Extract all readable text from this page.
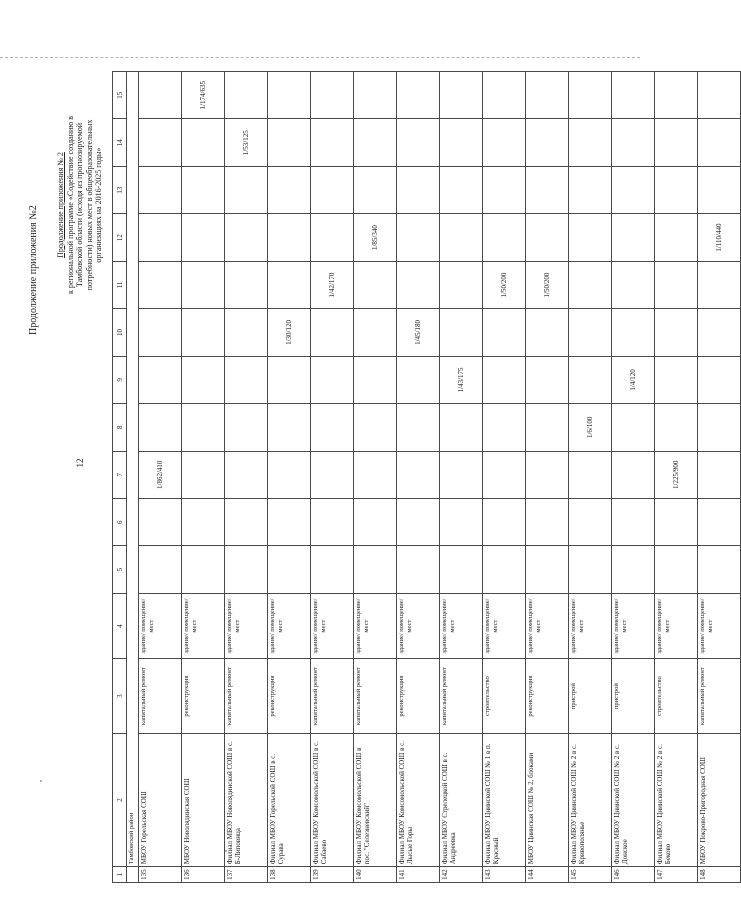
12
Продолжение приложения №2
Продолжение приложения № 2 к региональной программе «Содействие созданию в Тамбовской области (исходя из прогнозируемой потребности) новых мест в общеобразовательных организациях на 2016-2025 годы»
1	2	3	4	5	6	7	8	9	10	11	12	13	14	15
	Тамбовский район													
135	МБОУ Горельская СОШ	капитальный ремонт	здание/ помещение/ мест			1/862/410								
136	МБОУ Новолядинская СОШ	реконструкция	здание/ помещение/ мест											1/174/635
137	Филиал МБОУ Новолядинской СОШ в с. Б-Липовица	капитальный ремонт	здание/ помещение/ мест										1/53/125	
138	Филиал МБОУ Горельской СОШ в с. Сурава	реконструкция	здание/ помещение/ мест						1/30/120					
139	Филиал МБОУ Комсомольской СОШ в с. Сабаево	капитальный ремонт	здание/ помещение/ мест							1/42/170				
140	Филиал МБОУ Комсомольской СОШ в пос. "Селезневский"	капитальный ремонт	здание/ помещение/ мест								1/85/340			
141	Филиал МБОУ Комсомольской СОШ в с. Лысые Горы	реконструкция	здание/ помещение/ мест						1/45/180					
142	Филиал МБОУ Стрелецкой СОШ в с. Андреевка	капитальный ремонт	здание/ помещение/ мест					1/43/175						
143	Филиал МБОУ Цнинской СОШ № 1 в п. Красный	строительство	здание/ помещение/ мест							1/50/200				
144	МБОУ Цнинская СОШ № 2, блоками	реконструкция	здание/ помещение/ мест							1/50/200				
145	Филиал МБОУ Цнинской СОШ № 2 в с. Кривополянье	пристрой	здание/ помещение/ мест				1/6/100							
146	Филиал МБОУ Цнинской СОШ № 2 в с. Донское	пристрой	здание/ помещение/ мест					1/4/120						
147	Филиал МБОУ Цнинской СОШ № 2 в с. Беково	строительство	здание/ помещение/ мест			1/225/900								
148	МБОУ Покрово-Пригородная СОШ	капитальный ремонт	здание/ помещение/ мест								1/110/440			
